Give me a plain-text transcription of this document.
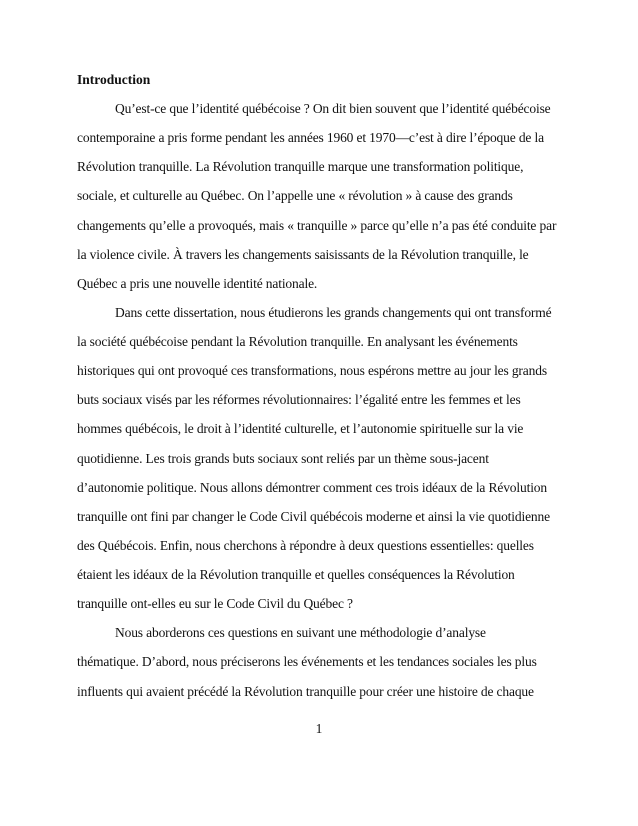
Introduction
Qu’est-ce que l’identité québécoise ? On dit bien souvent que l’identité québécoise
contemporaine a pris forme pendant les années 1960 et 1970—c’est à dire l’époque de la
Révolution tranquille. La Révolution tranquille marque une transformation politique,
sociale, et culturelle au Québec. On l’appelle une « révolution » à cause des grands
changements qu’elle a provoqués, mais « tranquille » parce qu’elle n’a pas été conduite par
la violence civile. À travers les changements saisissants de la Révolution tranquille, le
Québec a pris une nouvelle identité nationale.
Dans cette dissertation, nous étudierons les grands changements qui ont transformé
la société québécoise pendant la Révolution tranquille. En analysant les événements
historiques qui ont provoqué ces transformations, nous espérons mettre au jour les grands
buts sociaux visés par les réformes révolutionnaires: l’égalité entre les femmes et les
hommes québécois, le droit à l’identité culturelle, et l’autonomie spirituelle sur la vie
quotidienne. Les trois grands buts sociaux sont reliés par un thème sous-jacent
d’autonomie politique. Nous allons démontrer comment ces trois idéaux de la Révolution
tranquille ont fini par changer le Code Civil québécois moderne et ainsi la vie quotidienne
des Québécois. Enfin, nous cherchons à répondre à deux questions essentielles: quelles
étaient les idéaux de la Révolution tranquille et quelles conséquences la Révolution
tranquille ont-elles eu sur le Code Civil du Québec ?
Nous aborderons ces questions en suivant une méthodologie d’analyse
thématique. D’abord, nous préciserons les événements et les tendances sociales les plus
influents qui avaient précédé la Révolution tranquille pour créer une histoire de chaque
1
